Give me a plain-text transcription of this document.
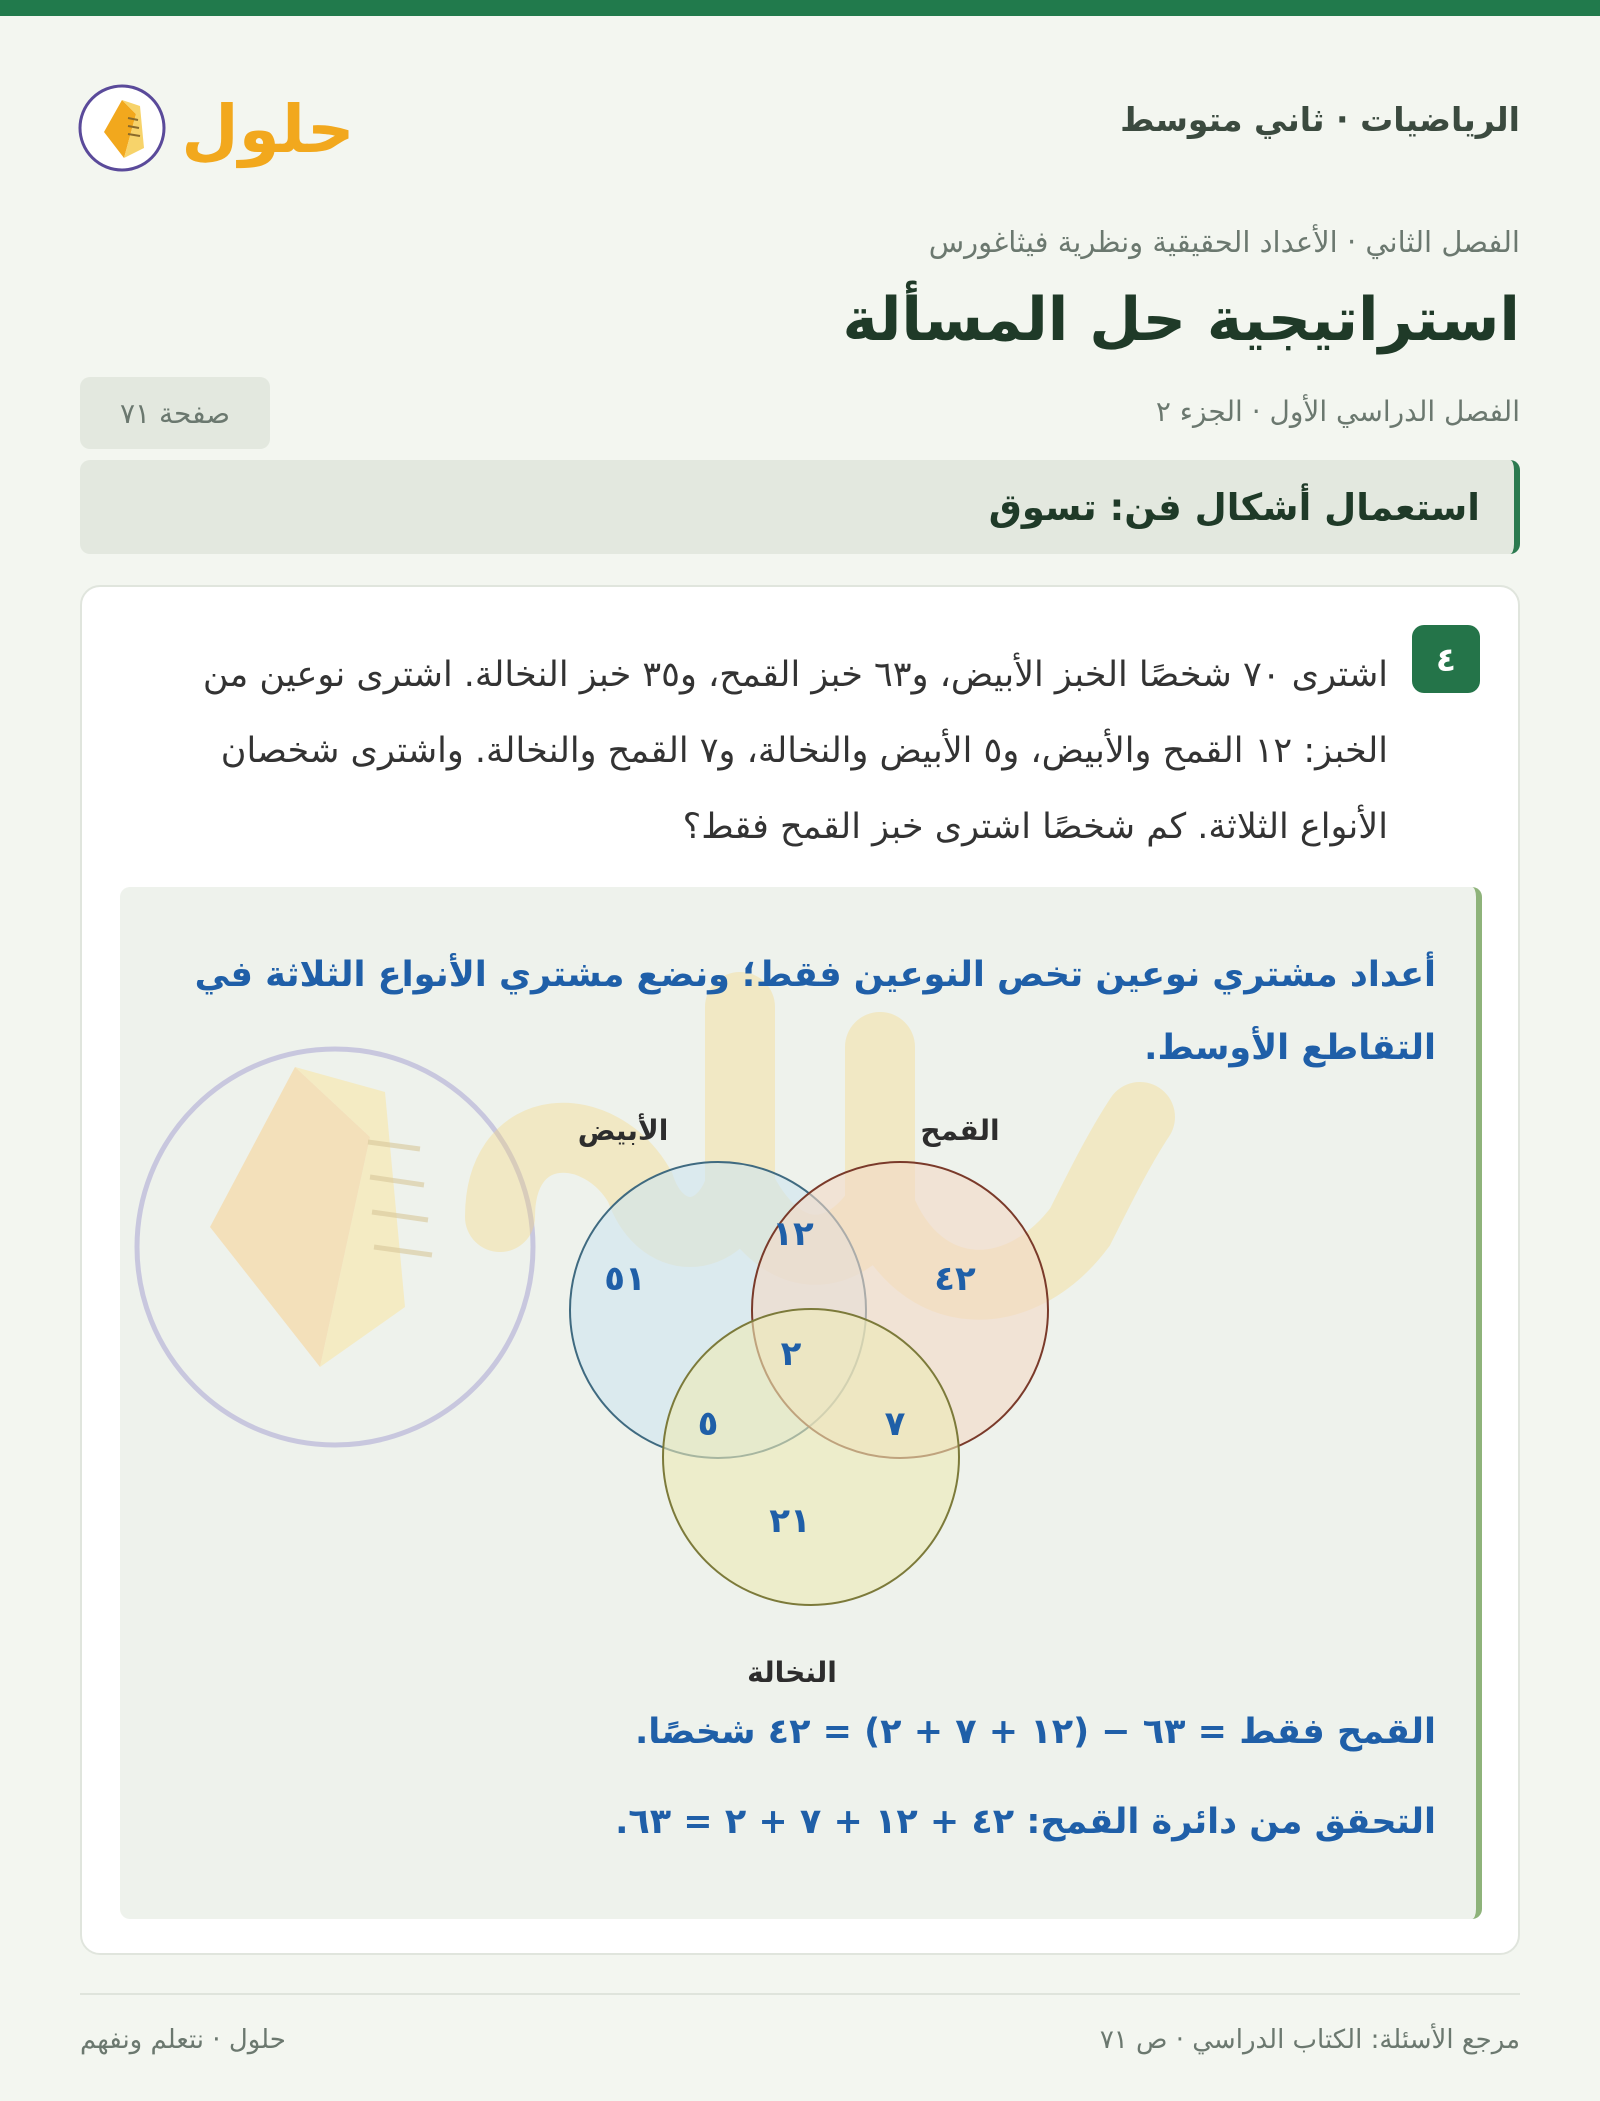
حلول	الرياضيات · ثاني متوسط
الفصل الثاني · الأعداد الحقيقية ونظرية فيثاغورس
استراتيجية حل المسألة
الفصل الدراسي الأول · الجزء ٢
صفحة ٧١
استعمال أشكال فن: تسوق
٤
اشترى ٧٠ شخصًا الخبز الأبيض، و٦٣ خبز القمح، و٣٥ خبز النخالة. اشترى نوعين من الخبز: ١٢ القمح والأبيض، و٥ الأبيض والنخالة، و٧ القمح والنخالة. واشترى شخصان الأنواع الثلاثة. كم شخصًا اشترى خبز القمح فقط؟
أعداد مشتري نوعين تخص النوعين فقط؛ ونضع مشتري الأنواع الثلاثة في التقاطع الأوسط.
الأبيض	القمح
النخالة
٥١	٤٢
٢١
١٢
٥	٧
٢
القمح فقط = ٦٣ − (١٢ + ٧ + ٢) = ٤٢ شخصًا.
التحقق من دائرة القمح: ٤٢ + ١٢ + ٧ + ٢ = ٦٣.
مرجع الأسئلة: الكتاب الدراسي · ص ٧١
حلول · نتعلم ونفهم
